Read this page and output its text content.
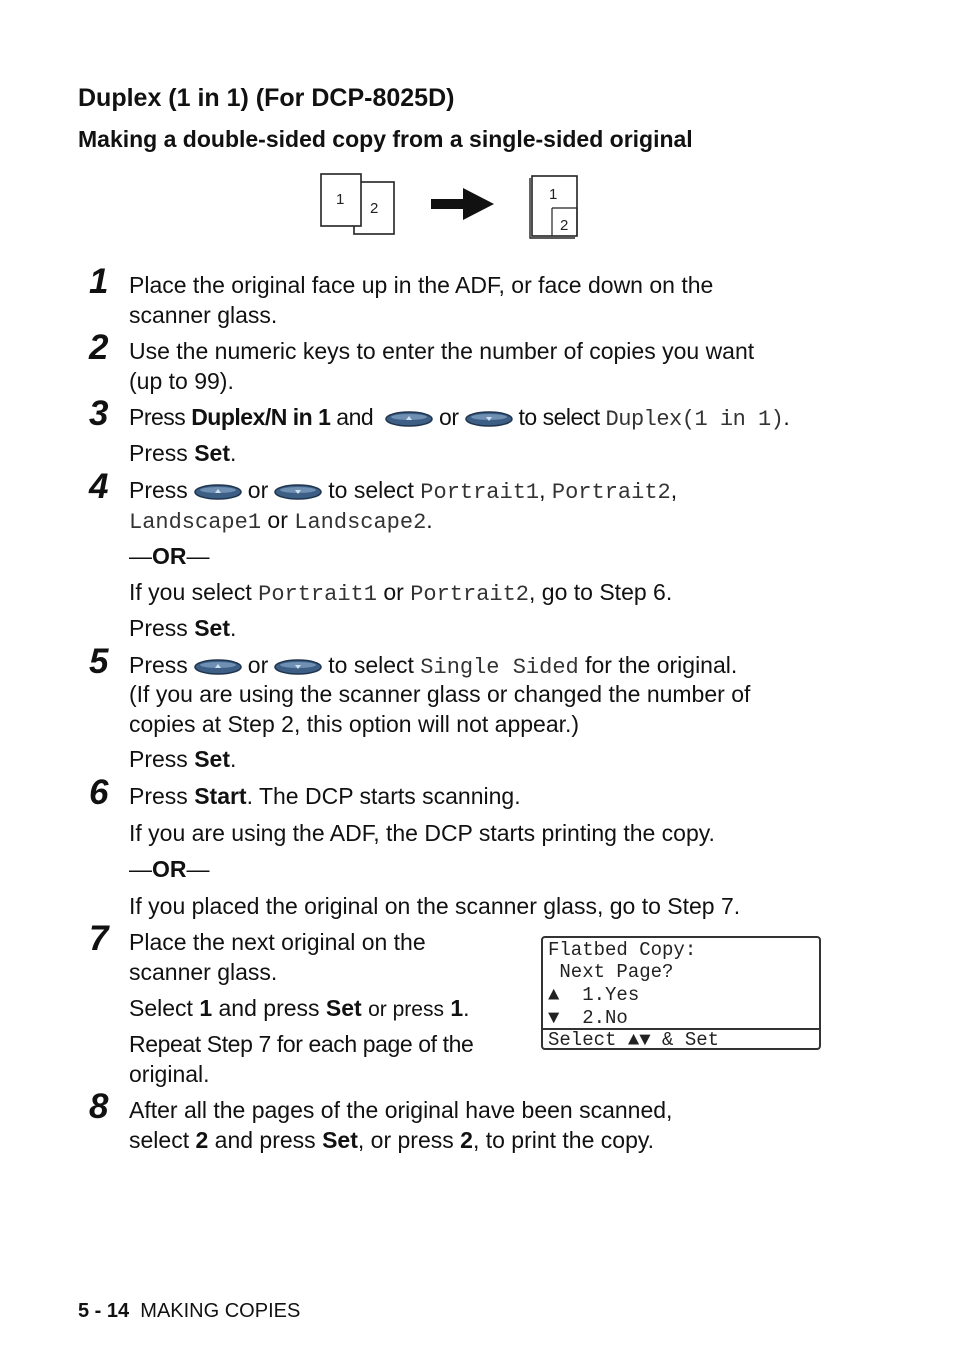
Duplex (1 in 1) (For DCP-8025D)
Making a double-sided copy from a single-sided original
2
1	1
2
1 Place the original face up in the ADF, or face down on the
scanner glass.
2 Use the numeric keys to enter the number of copies you want
(up to 99).
3 Press Duplex/N in 1 and	or	to select Duplex(1 in 1).
Press Set.
4 Press	or	to select Portrait1, Portrait2,
Landscape1 or Landscape2.
—OR—
If you select Portrait1 or Portrait2, go to Step 6.
Press Set.
5 Press	or	to select Single Sided for the original.
(If you are using the scanner glass or changed the number of
copies at Step 2, this option will not appear.)
Press Set.
6 Press Start. The DCP starts scanning.
If you are using the ADF, the DCP starts printing the copy.
—OR—
If you placed the original on the scanner glass, go to Step 7.
7 Place the next original on the
scanner glass.
Select 1 and press Set or press 1.
Repeat Step 7 for each page of the
original.
Flatbed Copy:
Next Page?
▲  1.Yes
▼  2.No
Select ▲▼ & Set
8 After all the pages of the original have been scanned,
select 2 and press Set, or press 2, to print the copy.
5 - 14 MAKING COPIES
